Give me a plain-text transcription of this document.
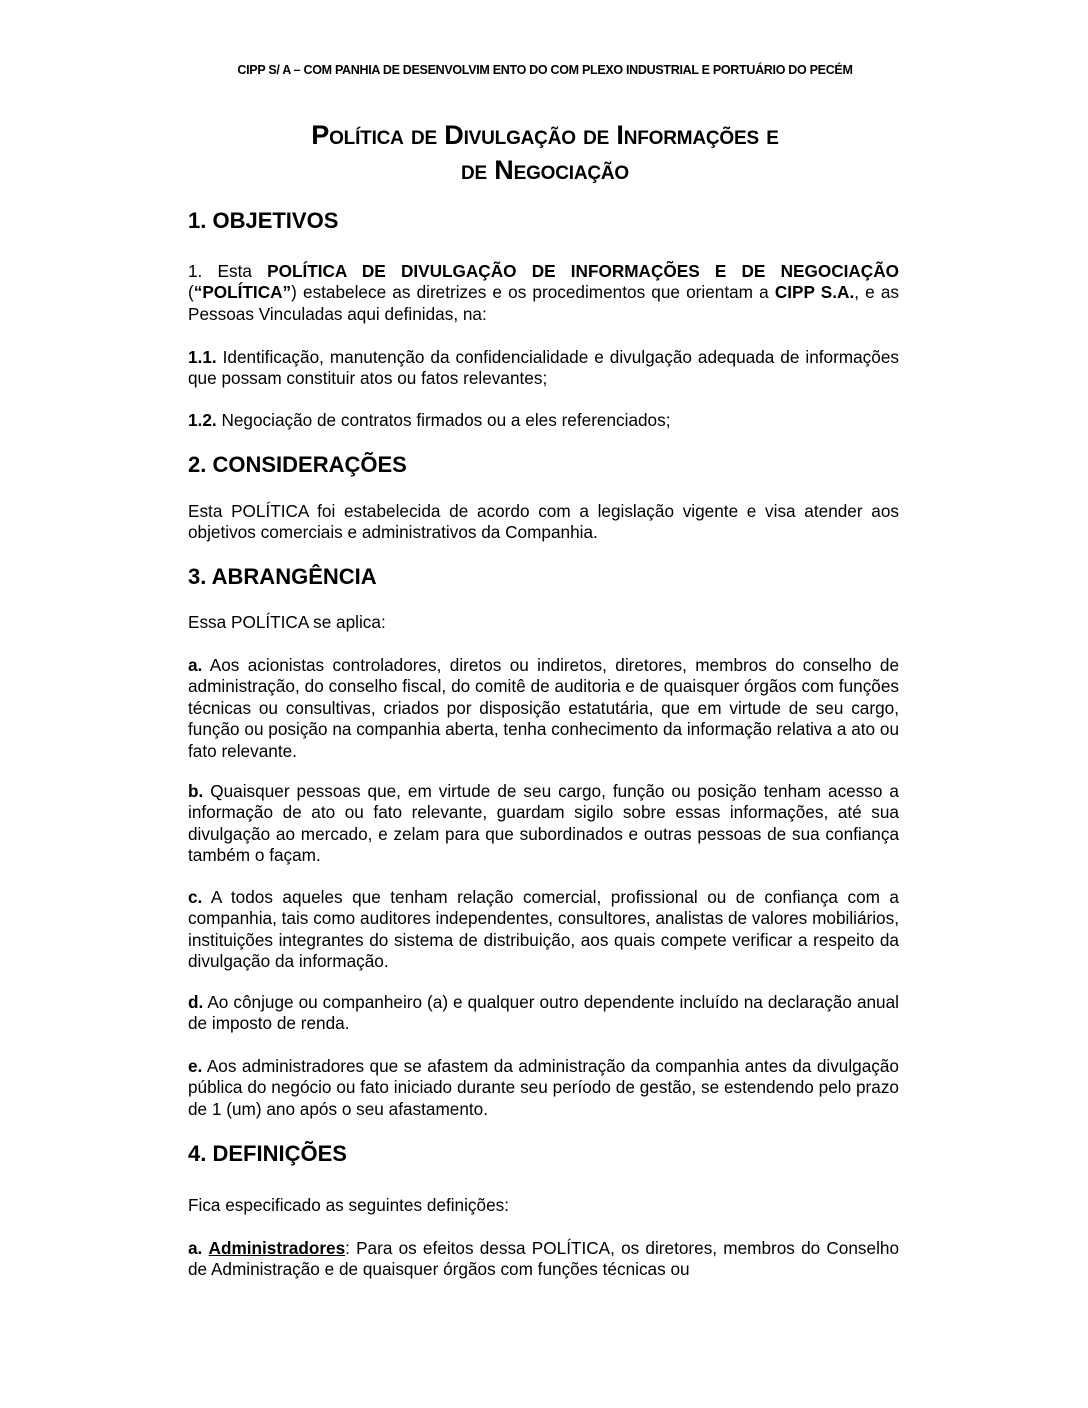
CIPP S/ A – COM PANHIA DE DESENVOLVIM ENTO DO COM PLEXO INDUSTRIAL E PORTUÁRIO DO PECÉM
Política de Divulgação de Informações e
de Negociação
1. OBJETIVOS

1. Esta POLÍTICA DE DIVULGAÇÃO DE INFORMAÇÕES E DE NEGOCIAÇÃO (“POLÍTICA”) estabelece as diretrizes e os procedimentos que orientam a CIPP S.A., e as Pessoas Vinculadas aqui definidas, na:

1.1. Identificação, manutenção da confidencialidade e divulgação adequada de informações que possam constituir atos ou fatos relevantes;

1.2. Negociação de contratos firmados ou a eles referenciados;

2. CONSIDERAÇÕES

Esta POLÍTICA foi estabelecida de acordo com a legislação vigente e visa atender aos objetivos comerciais e administrativos da Companhia.

3. ABRANGÊNCIA

Essa POLÍTICA se aplica:

a. Aos acionistas controladores, diretos ou indiretos, diretores, membros do conselho de administração, do conselho fiscal, do comitê de auditoria e de quaisquer órgãos com funções técnicas ou consultivas, criados por disposição estatutária, que em virtude de seu cargo, função ou posição na companhia aberta, tenha conhecimento da informação relativa a ato ou fato relevante.

b. Quaisquer pessoas que, em virtude de seu cargo, função ou posição tenham acesso a informação de ato ou fato relevante, guardam sigilo sobre essas informações, até sua divulgação ao mercado, e zelam para que subordinados e outras pessoas de sua confiança também o façam.

c. A todos aqueles que tenham relação comercial, profissional ou de confiança com a companhia, tais como auditores independentes, consultores, analistas de valores mobiliários, instituições integrantes do sistema de distribuição, aos quais compete verificar a respeito da divulgação da informação.

d. Ao cônjuge ou companheiro (a) e qualquer outro dependente incluído na declaração anual de imposto de renda.

e. Aos administradores que se afastem da administração da companhia antes da divulgação pública do negócio ou fato iniciado durante seu período de gestão, se estendendo pelo prazo de 1 (um) ano após o seu afastamento.

4. DEFINIÇÕES

Fica especificado as seguintes definições:

a. Administradores: Para os efeitos dessa POLÍTICA, os diretores, membros do Conselho de Administração e de quaisquer órgãos com funções técnicas ou
